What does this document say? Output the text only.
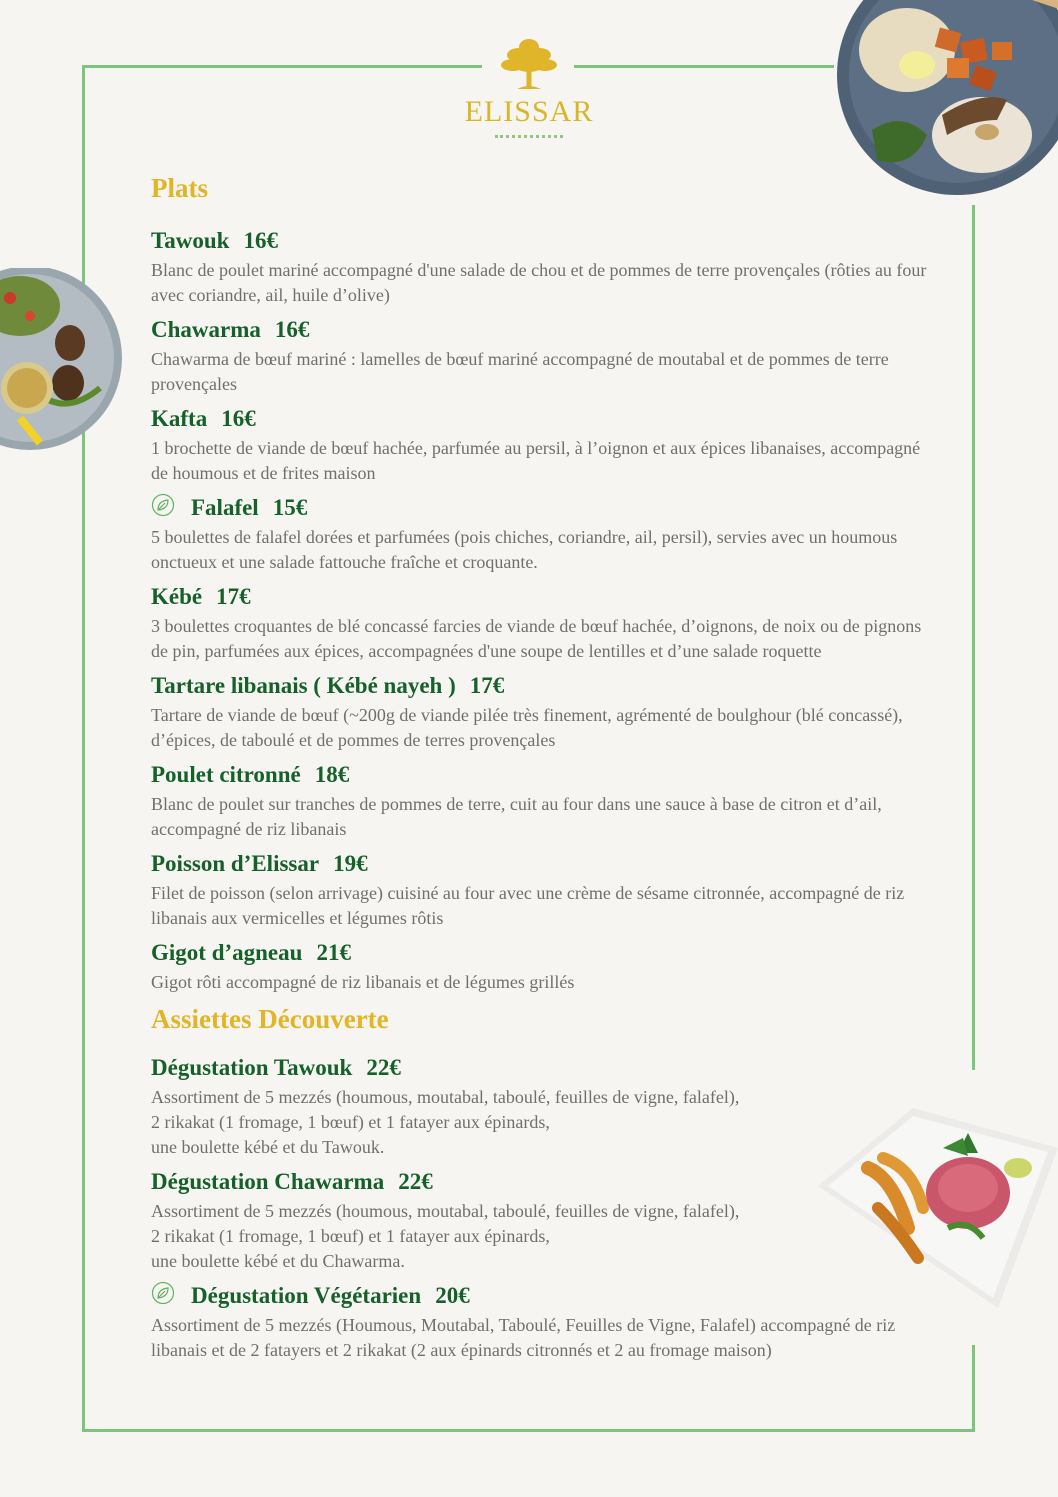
ELISSAR
Plats
Tawouk 16€
Blanc de poulet mariné accompagné d'une salade de chou et de pommes de terre provençales (rôties au four avec coriandre, ail, huile d’olive)
Chawarma 16€
Chawarma de bœuf mariné : lamelles de bœuf mariné accompagné de moutabal et de pommes de terre provençales
Kafta 16€
1 brochette de viande de bœuf hachée, parfumée au persil, à l’oignon et aux épices libanaises, accompagné de houmous et de frites maison
Falafel 15€
5 boulettes de falafel dorées et parfumées (pois chiches, coriandre, ail, persil), servies avec un houmous onctueux et une salade fattouche fraîche et croquante.
Kébé 17€
3 boulettes croquantes de blé concassé farcies de viande de bœuf hachée, d’oignons, de noix ou de pignons de pin, parfumées aux épices, accompagnées d'une soupe de lentilles et d’une salade roquette
Tartare libanais ( Kébé nayeh ) 17€
Tartare de viande de bœuf (~200g de viande pilée très finement, agrémenté de boulghour (blé concassé), d’épices, de taboulé et de pommes de terres provençales
Poulet citronné 18€
Blanc de poulet sur tranches de pommes de terre, cuit au four dans une sauce à base de citron et d’ail, accompagné de riz libanais
Poisson d’Elissar 19€
Filet de poisson (selon arrivage) cuisiné au four avec une crème de sésame citronnée, accompagné de riz libanais aux vermicelles et légumes rôtis
Gigot d’agneau 21€
Gigot rôti accompagné de riz libanais et de légumes grillés
Assiettes Découverte
Dégustation Tawouk 22€
Assortiment de 5 mezzés (houmous, moutabal, taboulé, feuilles de vigne, falafel),
2 rikakat (1 fromage, 1 bœuf) et 1 fatayer aux épinards,
une boulette kébé et du Tawouk.
Dégustation Chawarma 22€
Assortiment de 5 mezzés (houmous, moutabal, taboulé, feuilles de vigne, falafel),
2 rikakat (1 fromage, 1 bœuf) et 1 fatayer aux épinards,
une boulette kébé et du Chawarma.
Dégustation Végétarien 20€
Assortiment de 5 mezzés (Houmous, Moutabal, Taboulé, Feuilles de Vigne, Falafel) accompagné de riz libanais et de 2 fatayers et 2 rikakat (2 aux épinards citronnés et 2 au fromage maison)
